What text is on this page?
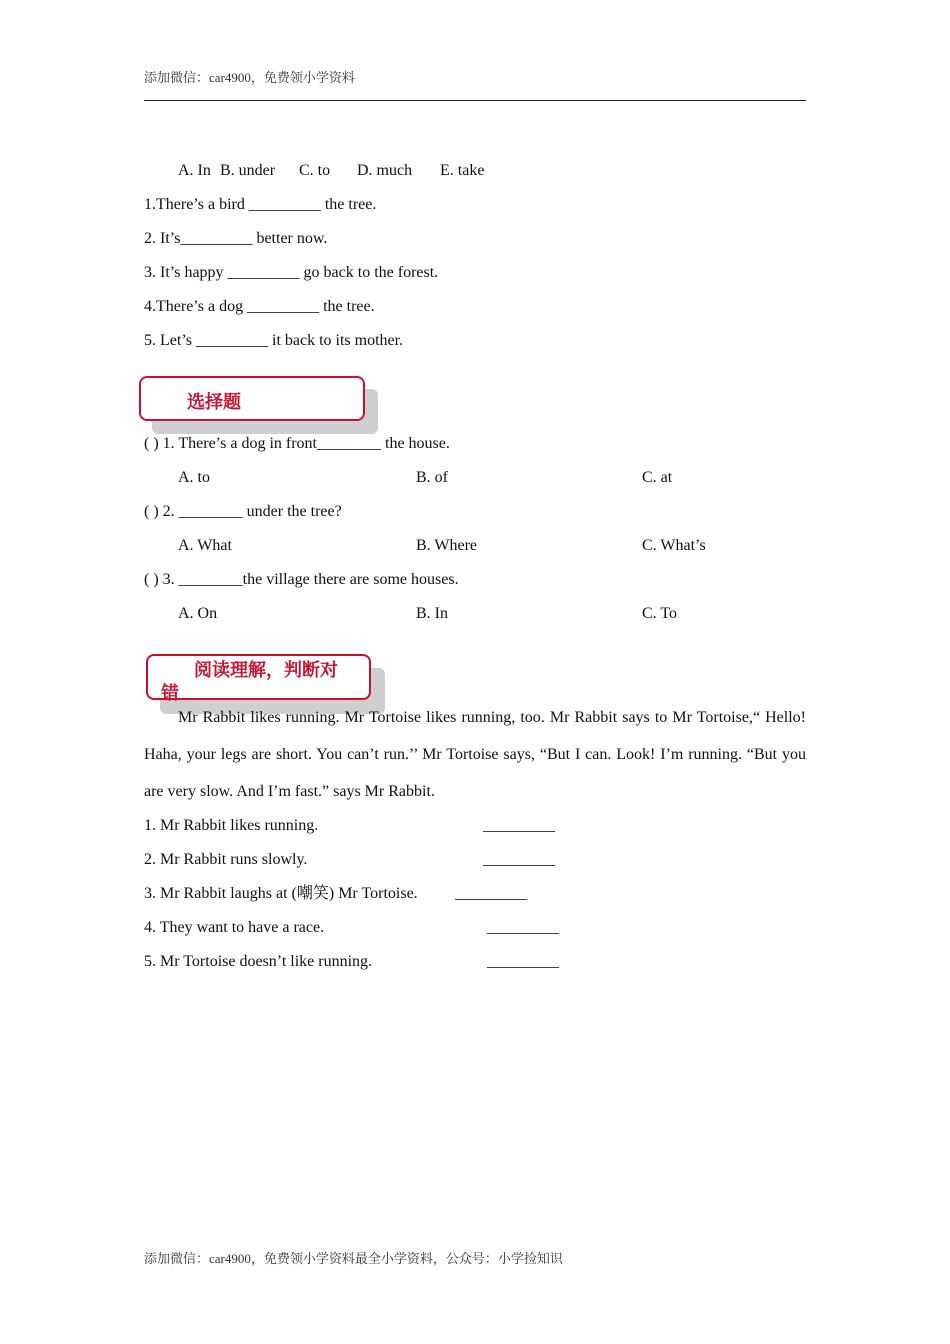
添加微信：car4900，免费领小学资料
A. In B. under C. to D. much E. take
1.There’s a bird _________ the tree.
2. It’s_________ better now.
3. It’s happy _________ go back to the forest.
4.There’s a dog _________ the tree.
5. Let’s _________ it back to its mother.
选择题
( ) 1. There’s a dog in front________ the house.
A. to	B. of	C. at
( ) 2. ________ under the tree?
A. What	B. Where	C. What’s
( ) 3. ________the village there are some houses.
A. On	B. In	C. To
阅读理解，判断对
错
Mr Rabbit likes running. Mr Tortoise likes running, too. Mr Rabbit says to Mr Tortoise,“ Hello! Haha, your legs are short. You can’t run.’’ Mr Tortoise says, “But I can. Look! I’m running. “But you are very slow. And I’m fast.” says Mr Rabbit.
1. Mr Rabbit likes running.	_________
2. Mr Rabbit runs slowly.	_________
3. Mr Rabbit laughs at (嘲笑) Mr Tortoise. _________
4. They want to have a race.	_________
5. Mr Tortoise doesn’t like running.	_________
添加微信：car4900，免费领小学资料最全小学资料，公众号：小学捡知识
